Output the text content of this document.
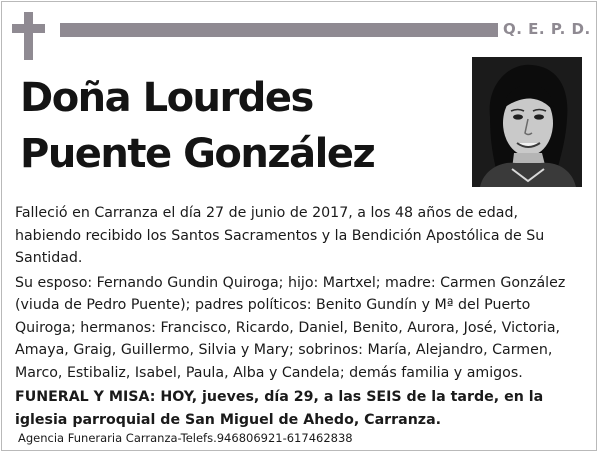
Q. E. P. D.
Doña Lourdes
Puente González

Falleció en Carranza el día 27 de junio de 2017, a los 48 años de edad, habiendo recibido los Santos Sacramentos y la Bendición Apostólica de Su Santidad.

Su esposo: Fernando Gundin Quiroga; hijo: Martxel; madre: Carmen González (viuda de Pedro Puente); padres políticos: Benito Gundín y Mª del Puerto Quiroga; hermanos: Francisco, Ricardo, Daniel, Benito, Aurora, José, Victoria, Amaya, Graig, Guillermo, Silvia y Mary; sobrinos: María, Alejandro, Carmen, Marco, Estibaliz, Isabel, Paula, Alba y Candela; demás familia y amigos.

FUNERAL Y MISA: HOY, jueves, día 29, a las SEIS de la tarde, en la iglesia parroquial de San Miguel de Ahedo, Carranza.

Agencia Funeraria Carranza-Telefs.946806921-617462838
